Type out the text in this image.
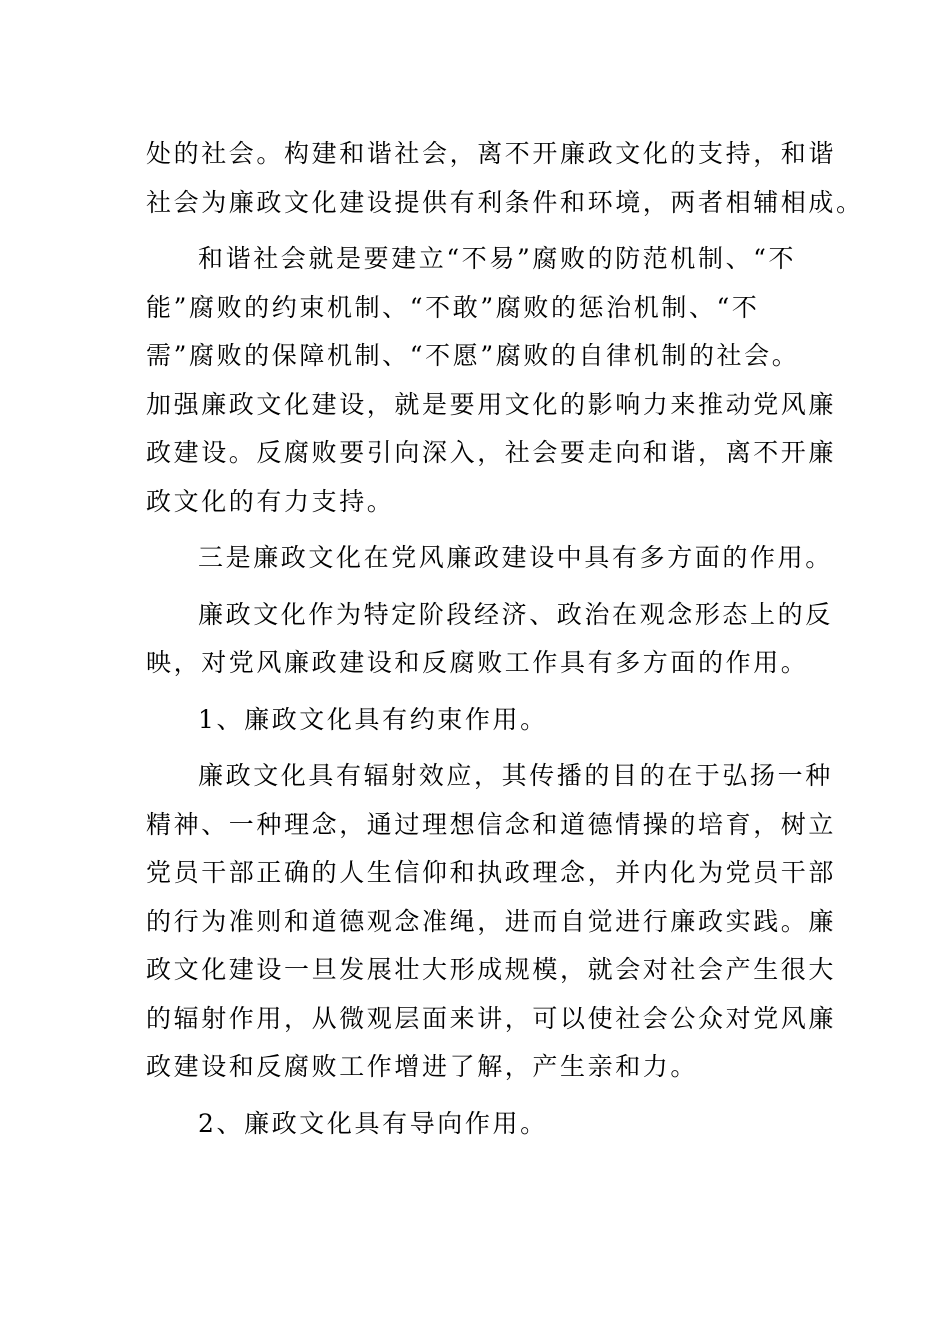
处的社会。构建和谐社会，离不开廉政文化的支持，和谐
社会为廉政文化建设提供有利条件和环境，两者相辅相成。
和谐社会就是要建立“不易”腐败的防范机制、“不
能”腐败的约束机制、“不敢”腐败的惩治机制、“不
需”腐败的保障机制、“不愿”腐败的自律机制的社会。
加强廉政文化建设，就是要用文化的影响力来推动党风廉
政建设。反腐败要引向深入，社会要走向和谐，离不开廉
政文化的有力支持。
三是廉政文化在党风廉政建设中具有多方面的作用。
廉政文化作为特定阶段经济、政治在观念形态上的反
映，对党风廉政建设和反腐败工作具有多方面的作用。
1、廉政文化具有约束作用。
廉政文化具有辐射效应，其传播的目的在于弘扬一种
精神、一种理念，通过理想信念和道德情操的培育，树立
党员干部正确的人生信仰和执政理念，并内化为党员干部
的行为准则和道德观念准绳，进而自觉进行廉政实践。廉
政文化建设一旦发展壮大形成规模，就会对社会产生很大
的辐射作用，从微观层面来讲，可以使社会公众对党风廉
政建设和反腐败工作增进了解，产生亲和力。
2、廉政文化具有导向作用。
